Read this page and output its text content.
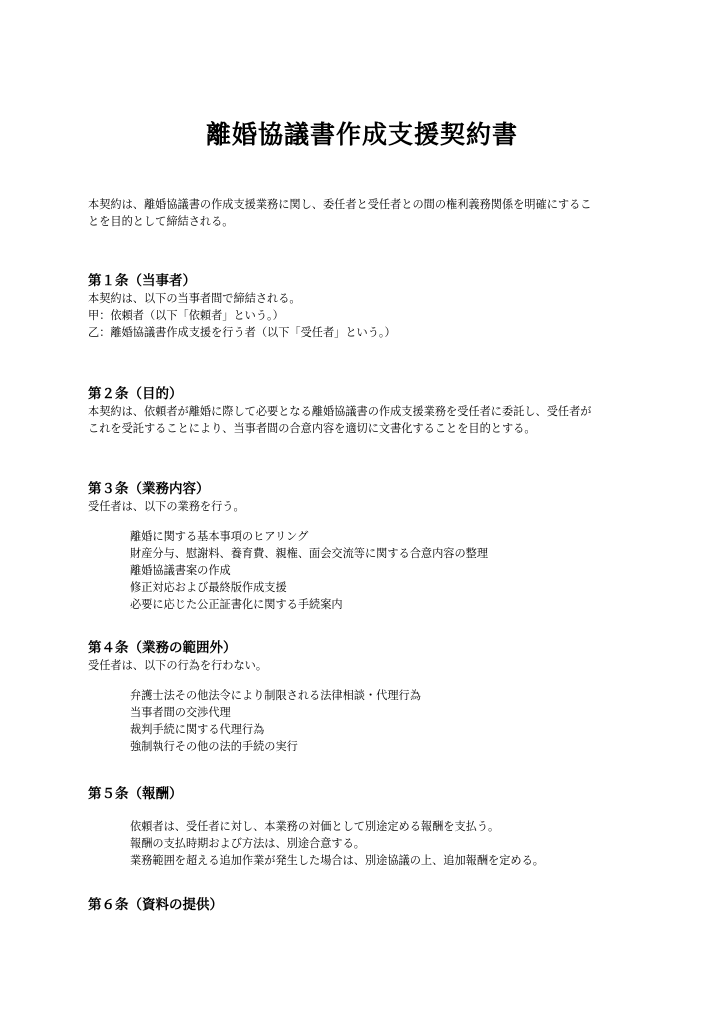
離婚協議書作成支援契約書
本契約は、離婚協議書の作成支援業務に関し、委任者と受任者との間の権利義務関係を明確にするこ
とを目的として締結される。
第１条（当事者）
本契約は、以下の当事者間で締結される。
甲：依頼者（以下「依頼者」という。）
乙：離婚協議書作成支援を行う者（以下「受任者」という。）
第２条（目的）
本契約は、依頼者が離婚に際して必要となる離婚協議書の作成支援業務を受任者に委託し、受任者が
これを受託することにより、当事者間の合意内容を適切に文書化することを目的とする。
第３条（業務内容）
受任者は、以下の業務を行う。
離婚に関する基本事項のヒアリング
財産分与、慰謝料、養育費、親権、面会交流等に関する合意内容の整理
離婚協議書案の作成
修正対応および最終版作成支援
必要に応じた公正証書化に関する手続案内
第４条（業務の範囲外）
受任者は、以下の行為を行わない。
弁護士法その他法令により制限される法律相談・代理行為
当事者間の交渉代理
裁判手続に関する代理行為
強制執行その他の法的手続の実行
第５条（報酬）
依頼者は、受任者に対し、本業務の対価として別途定める報酬を支払う。
報酬の支払時期および方法は、別途合意する。
業務範囲を超える追加作業が発生した場合は、別途協議の上、追加報酬を定める。
第６条（資料の提供）
